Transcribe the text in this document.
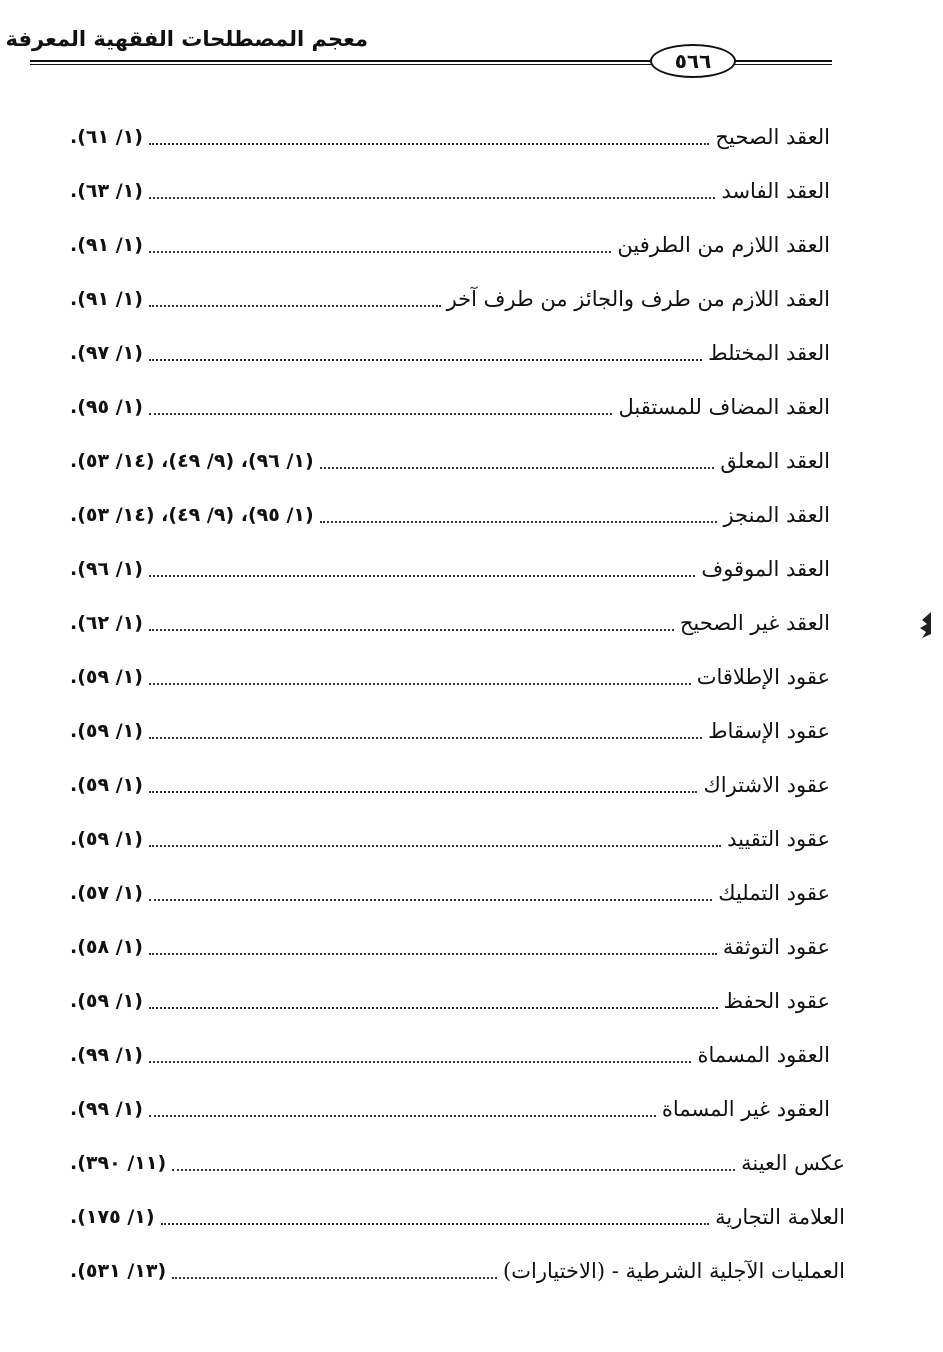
معجم المصطلحات الفقهية المعرفة
٥٦٦
العقد الصحيح
(١/ ٦١).
العقد الفاسد
(١/ ٦٣).
العقد اللازم من الطرفين
(١/ ٩١).
العقد اللازم من طرف والجائز من طرف آخر
(١/ ٩١).
العقد المختلط
(١/ ٩٧).
العقد المضاف للمستقبل
(١/ ٩٥).
العقد المعلق
(١/ ٩٦)، (٩/ ٤٩)، (١٤/ ٥٣).
العقد المنجز
(١/ ٩٥)، (٩/ ٤٩)، (١٤/ ٥٣).
العقد الموقوف
(١/ ٩٦).
العقد غير الصحيح
(١/ ٦٢).
عقود الإطلاقات
(١/ ٥٩).
عقود الإسقاط
(١/ ٥٩).
عقود الاشتراك
(١/ ٥٩).
عقود التقييد
(١/ ٥٩).
عقود التمليك
(١/ ٥٧).
عقود التوثقة
(١/ ٥٨).
عقود الحفظ
(١/ ٥٩).
العقود المسماة
(١/ ٩٩).
العقود غير المسماة
(١/ ٩٩).
عكس العينة
(١١/ ٣٩٠).
العلامة التجارية
(١/ ١٧٥).
العمليات الآجلية الشرطية - (الاختيارات)
(١٣/ ٥٣١).
